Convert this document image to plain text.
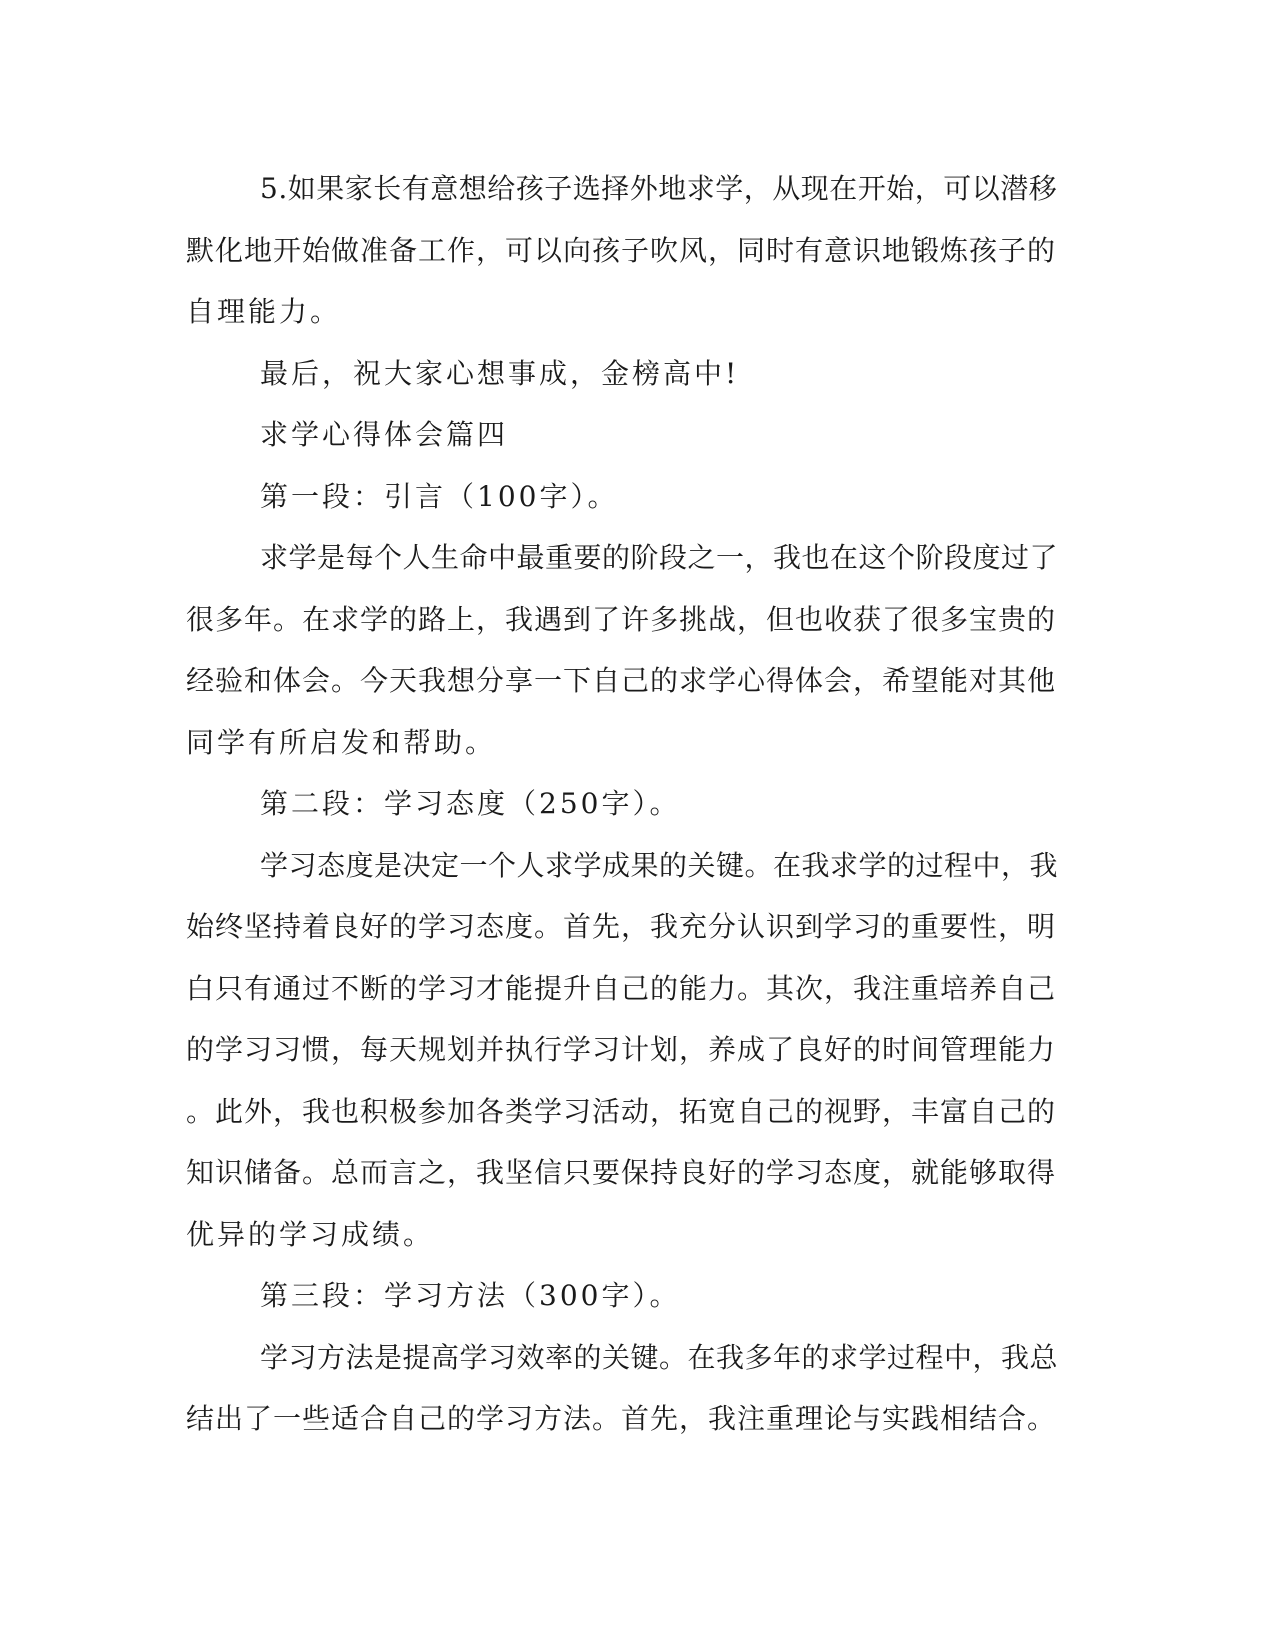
5.如果家长有意想给孩子选择外地求学，从现在开始，可以潜移
默化地开始做准备工作，可以向孩子吹风，同时有意识地锻炼孩子的
自理能力。
最后，祝大家心想事成，金榜高中!
求学心得体会篇四
第一段：引言（100字）。
求学是每个人生命中最重要的阶段之一，我也在这个阶段度过了
很多年。在求学的路上，我遇到了许多挑战，但也收获了很多宝贵的
经验和体会。今天我想分享一下自己的求学心得体会，希望能对其他
同学有所启发和帮助。
第二段：学习态度（250字）。
学习态度是决定一个人求学成果的关键。在我求学的过程中，我
始终坚持着良好的学习态度。首先，我充分认识到学习的重要性，明
白只有通过不断的学习才能提升自己的能力。其次，我注重培养自己
的学习习惯，每天规划并执行学习计划，养成了良好的时间管理能力
。此外，我也积极参加各类学习活动，拓宽自己的视野，丰富自己的
知识储备。总而言之，我坚信只要保持良好的学习态度，就能够取得
优异的学习成绩。
第三段：学习方法（300字）。
学习方法是提高学习效率的关键。在我多年的求学过程中，我总
结出了一些适合自己的学习方法。首先，我注重理论与实践相结合。
